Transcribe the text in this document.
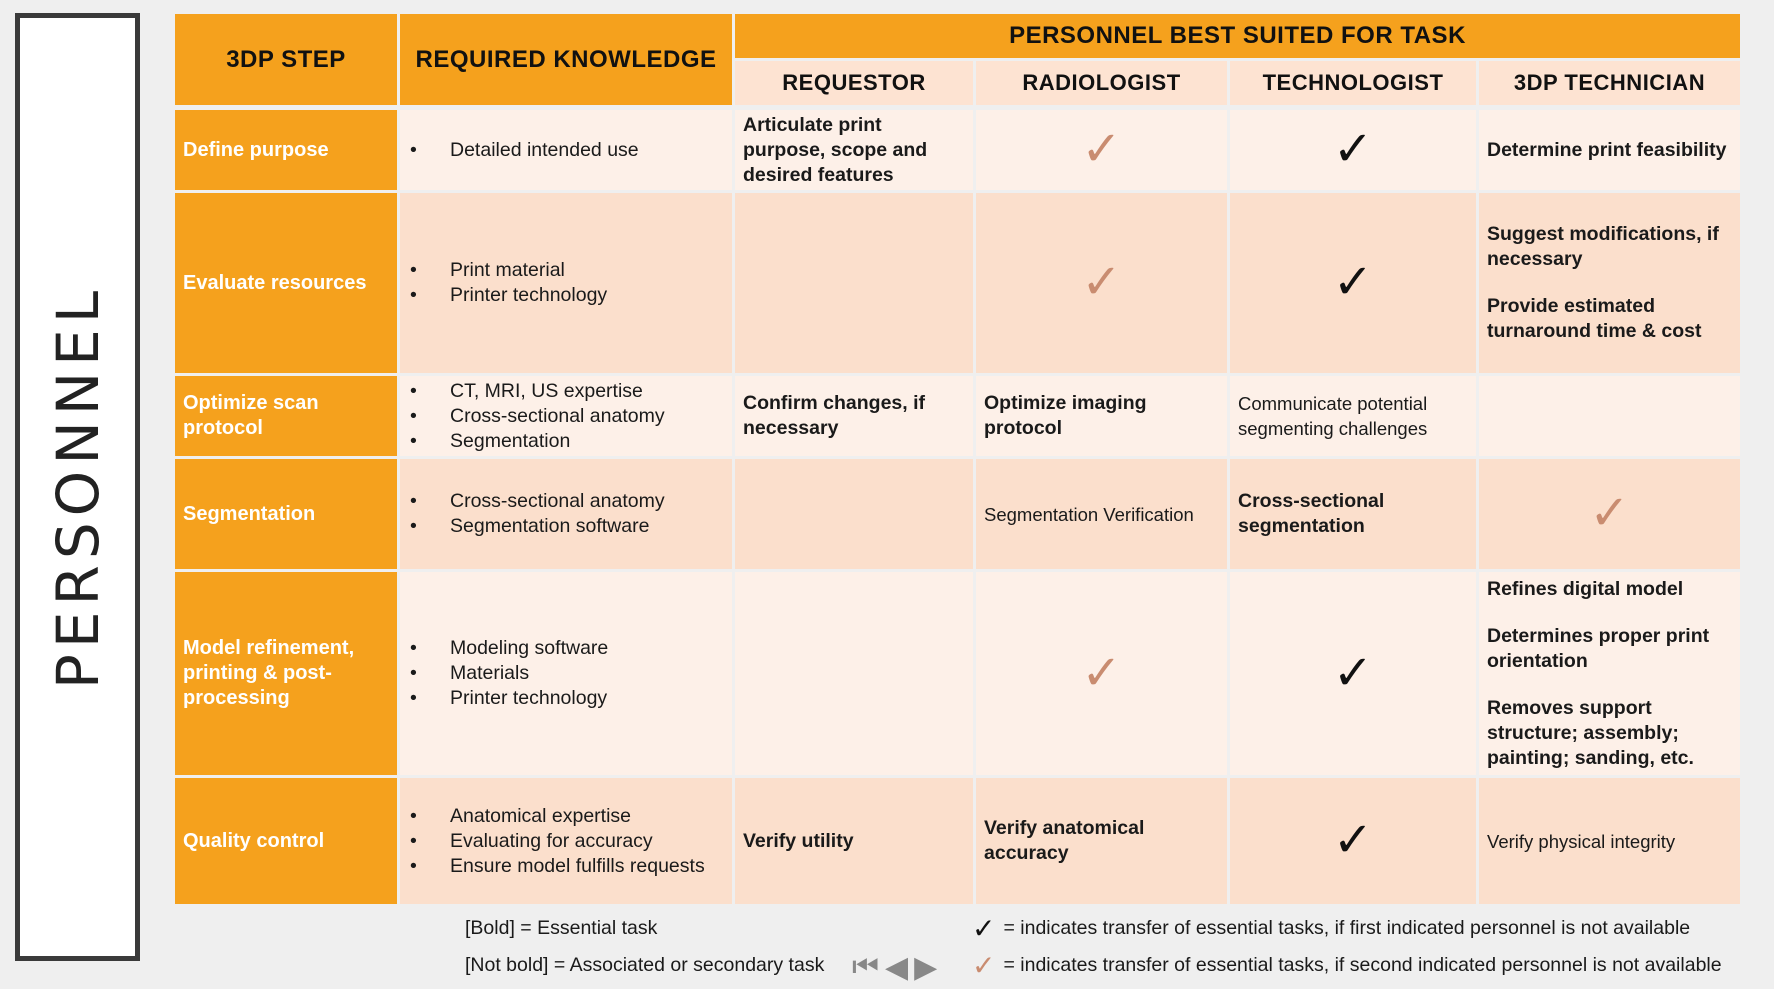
PERSONNEL
3DP STEP	REQUIRED KNOWLEDGE
PERSONNEL BEST SUITED FOR TASK
REQUESTOR	RADIOLOGIST	TECHNOLOGIST	3DP TECHNICIAN
Define purpose
•	Detailed intended use
Articulate print purpose, scope and desired features	✓	✓	Determine print feasibility
Evaluate resources
• Print material
• Printer technology	✓	✓
Suggest modifications, if necessary
Provide estimated turnaround time & cost
Optimize scan protocol
• CT, MRI, US expertise
• Cross-sectional anatomy
• Segmentation
Confirm changes, if necessary
Optimize imaging protocol
Communicate potential segmenting challenges
Segmentation
• Cross-sectional anatomy
• Segmentation software
Segmentation Verification
Cross-sectional segmentation	✓
Model refinement, printing & post-processing
• Modeling software
• Materials
• Printer technology	✓	✓
Refines digital model
Determines proper print orientation
Removes support structure; assembly; painting; sanding, etc.
Quality control
• Anatomical expertise
• Evaluating for accuracy
• Ensure model fulfills requests
Verify utility
Verify anatomical accuracy	✓	Verify physical integrity
[Bold] = Essential task
[Not bold] = Associated or secondary task ⏮ ◀ ▶
✓ = indicates transfer of essential tasks, if first indicated personnel is not available
✓ = indicates transfer of essential tasks, if second indicated personnel is not available
